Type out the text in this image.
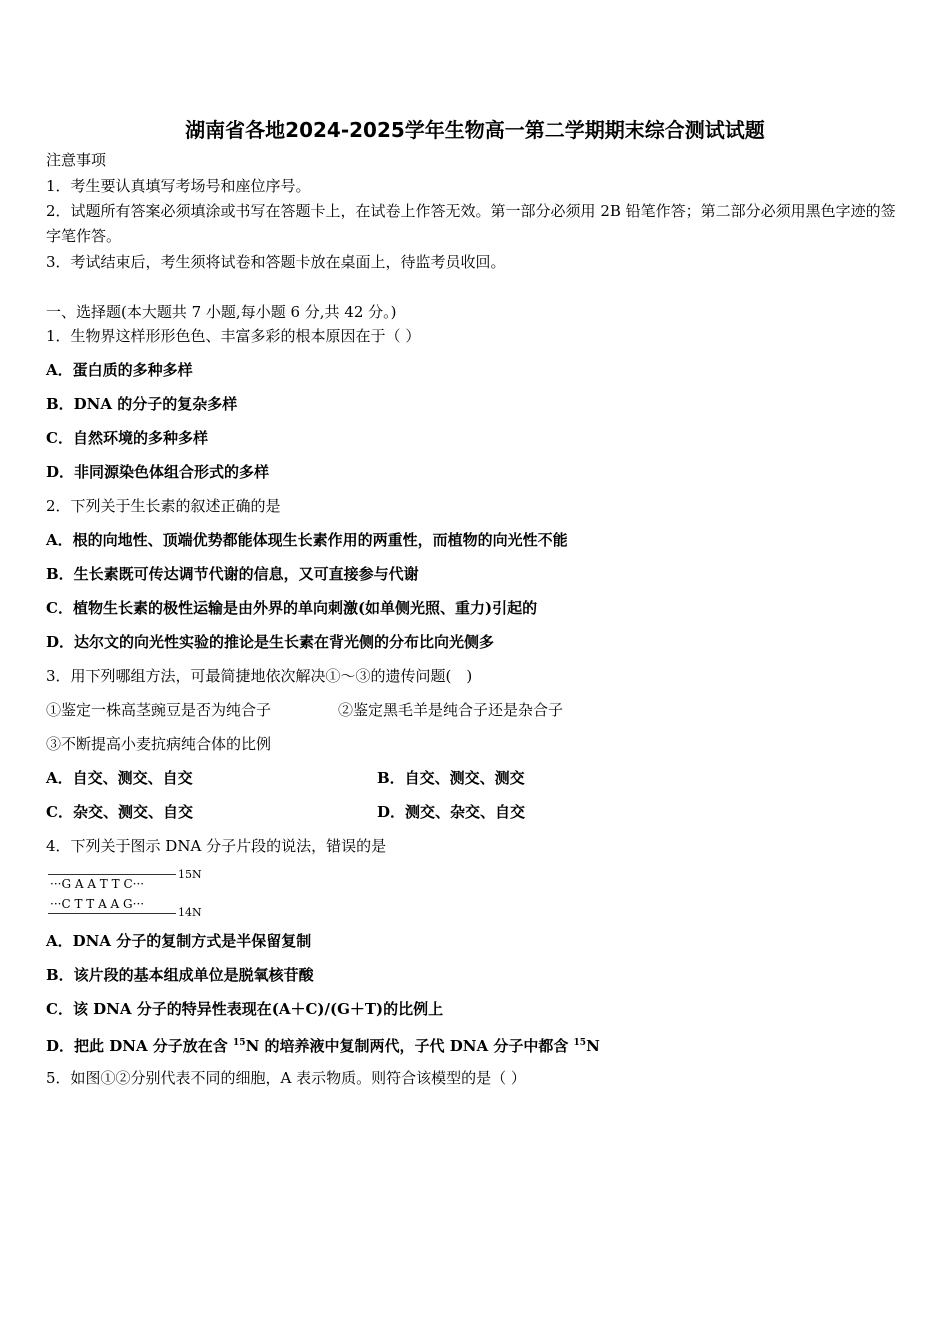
湖南省各地2024-2025学年生物高一第二学期期末综合测试试题
注意事项
1．考生要认真填写考场号和座位序号。
2．试题所有答案必须填涂或书写在答题卡上，在试卷上作答无效。第一部分必须用 2B 铅笔作答；第二部分必须用黑色字迹的签字笔作答。
3．考试结束后，考生须将试卷和答题卡放在桌面上，待监考员收回。
一、选择题(本大题共 7 小题,每小题 6 分,共 42 分。)
1．生物界这样形形色色、丰富多彩的根本原因在于（ ）
A．蛋白质的多种多样
B．DNA 的分子的复杂多样
C．自然环境的多种多样
D．非同源染色体组合形式的多样
2．下列关于生长素的叙述正确的是
A．根的向地性、顶端优势都能体现生长素作用的两重性，而植物的向光性不能
B．生长素既可传达调节代谢的信息，又可直接参与代谢
C．植物生长素的极性运输是由外界的单向刺激(如单侧光照、重力)引起的
D．达尔文的向光性实验的推论是生长素在背光侧的分布比向光侧多
3．用下列哪组方法，可最简捷地依次解决①～③的遗传问题(　)
①鉴定一株高茎豌豆是否为纯合子	②鉴定黑毛羊是纯合子还是杂合子
③不断提高小麦抗病纯合体的比例
A．自交、测交、自交	B．自交、测交、测交
C．杂交、测交、自交	D．测交、杂交、自交
4．下列关于图示 DNA 分子片段的说法，错误的是
···G A A T T C···
···C T T A A G···
15N
14N
A．DNA 分子的复制方式是半保留复制
B．该片段的基本组成单位是脱氧核苷酸
C．该 DNA 分子的特异性表现在(A＋C)/(G＋T)的比例上
D．把此 DNA 分子放在含 $^{15}$N 的培养液中复制两代，子代 DNA 分子中都含 $^{15}$N
5．如图①②分别代表不同的细胞，A 表示物质。则符合该模型的是（ ）
